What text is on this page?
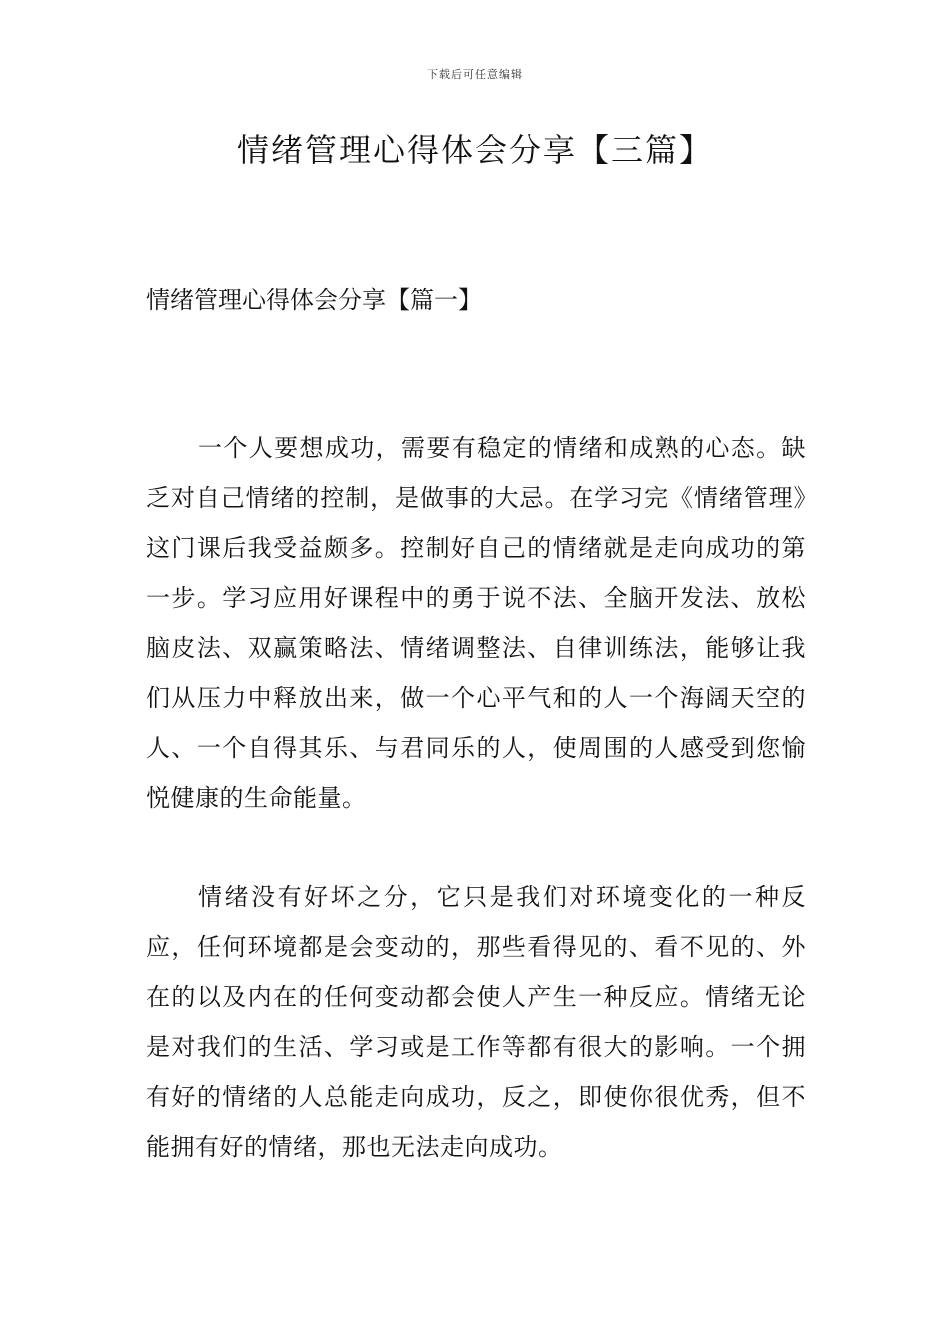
下载后可任意编辑
情绪管理心得体会分享【三篇】
情绪管理心得体会分享【篇一】

一个人要想成功，需要有稳定的情绪和成熟的心态。缺乏对自己情绪的控制，是做事的大忌。在学习完《情绪管理》这门课后我受益颇多。控制好自己的情绪就是走向成功的第一步。学习应用好课程中的勇于说不法、全脑开发法、放松脑皮法、双赢策略法、情绪调整法、自律训练法，能够让我们从压力中释放出来，做一个心平气和的人一个海阔天空的人、一个自得其乐、与君同乐的人，使周围的人感受到您愉悦健康的生命能量。

情绪没有好坏之分，它只是我们对环境变化的一种反应，任何环境都是会变动的，那些看得见的、看不见的、外在的以及内在的任何变动都会使人产生一种反应。情绪无论是对我们的生活、学习或是工作等都有很大的影响。一个拥有好的情绪的人总能走向成功，反之，即使你很优秀，但不能拥有好的情绪，那也无法走向成功。
